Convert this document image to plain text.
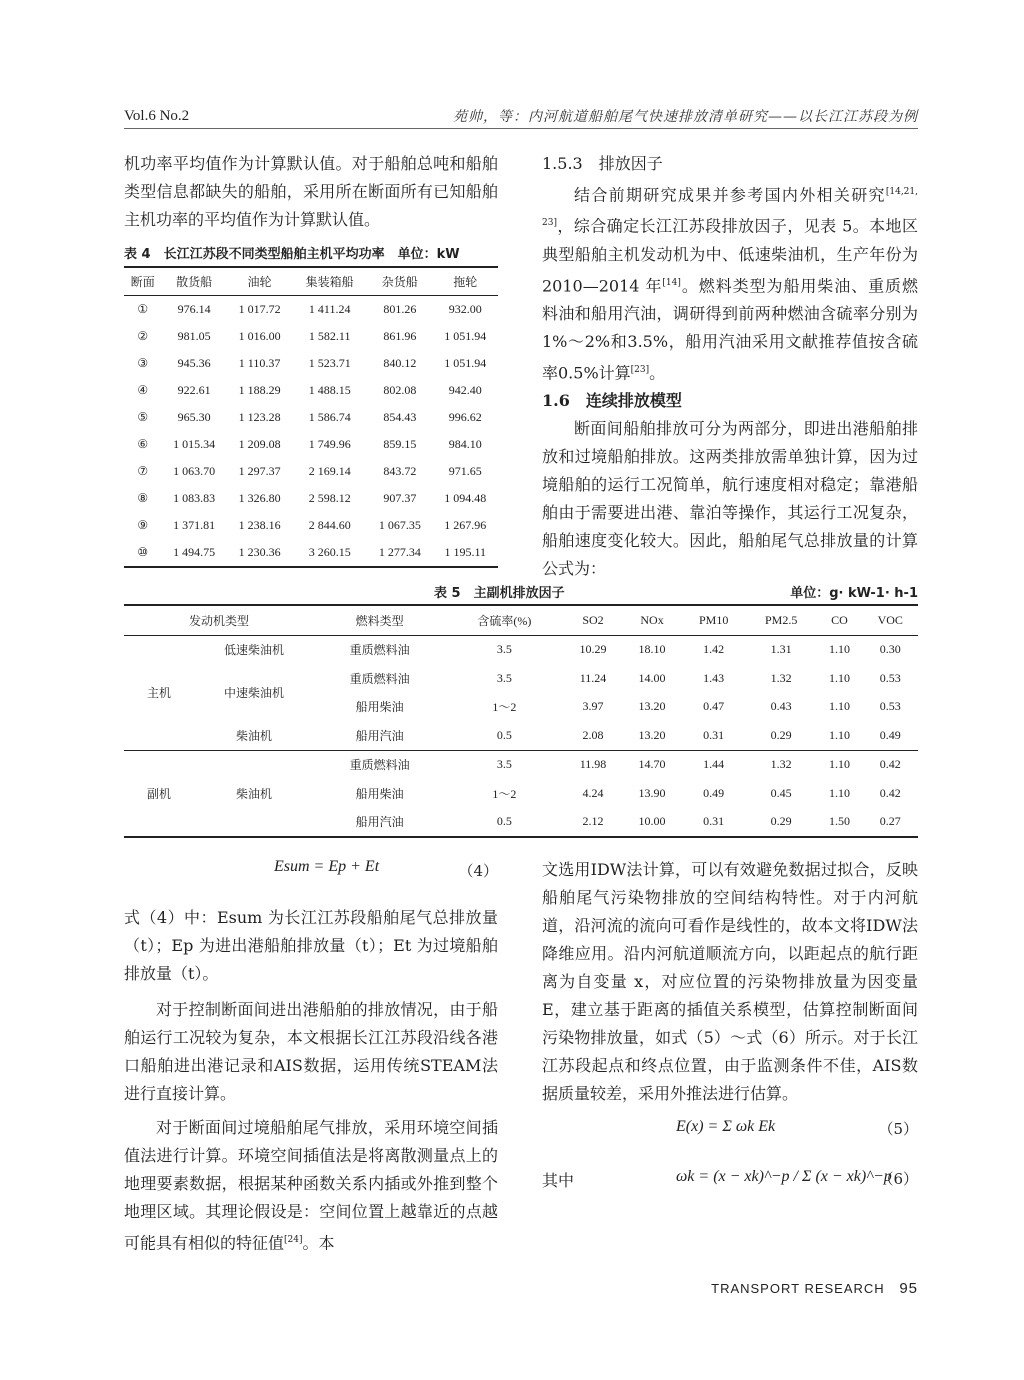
Vol.6 No.2	苑帅，等：内河航道船舶尾气快速排放清单研究——以长江江苏段为例

机功率平均值作为计算默认值。对于船舶总吨和船舶类型信息都缺失的船舶，采用所在断面所有已知船舶主机功率的平均值作为计算默认值。

表 4　长江江苏段不同类型船舶主机平均功率　单位：kW
断面	散货船	油轮	集装箱船	杂货船	拖轮
①	976.14	1 017.72	1 411.24	801.26	932.00
②	981.05	1 016.00	1 582.11	861.96	1 051.94
③	945.36	1 110.37	1 523.71	840.12	1 051.94
④	922.61	1 188.29	1 488.15	802.08	942.40
⑤	965.30	1 123.28	1 586.74	854.43	996.62
⑥	1 015.34	1 209.08	1 749.96	859.15	984.10
⑦	1 063.70	1 297.37	2 169.14	843.72	971.65
⑧	1 083.83	1 326.80	2 598.12	907.37	1 094.48
⑨	1 371.81	1 238.16	2 844.60	1 067.35	1 267.96
⑩	1 494.75	1 230.36	3 260.15	1 277.34	1 195.11

1.5.3　排放因子

结合前期研究成果并参考国内外相关研究[14,21, 23]，综合确定长江江苏段排放因子，见表 5。本地区典型船舶主机发动机为中、低速柴油机，生产年份为2010—2014 年[14]。燃料类型为船用柴油、重质燃料油和船用汽油，调研得到前两种燃油含硫率分别为1%～2%和3.5%，船用汽油采用文献推荐值按含硫率0.5%计算[23]。

1.6　连续排放模型

断面间船舶排放可分为两部分，即进出港船舶排放和过境船舶排放。这两类排放需单独计算，因为过境船舶的运行工况简单，航行速度相对稳定；靠港船舶由于需要进出港、靠泊等操作，其运行工况复杂，船舶速度变化较大。因此，船舶尾气总排放量的计算公式为：

表 5　主副机排放因子	单位：g· kW-1· h-1
发动机类型		燃料类型	含硫率(%)	SO2	NOx	PM10	PM2.5	CO	VOC
主机	低速柴油机	重质燃料油	3.5	10.29	18.10	1.42	1.31	1.10	0.30
	中速柴油机	重质燃料油	3.5	11.24	14.00	1.43	1.32	1.10	0.53
		船用柴油	1～2	3.97	13.20	0.47	0.43	1.10	0.53
	柴油机	船用汽油	0.5	2.08	13.20	0.31	0.29	1.10	0.49
副机	柴油机	重质燃料油	3.5	11.98	14.70	1.44	1.32	1.10	0.42
		船用柴油	1～2	4.24	13.90	0.49	0.45	1.10	0.42
		船用汽油	0.5	2.12	10.00	0.31	0.29	1.50	0.27
Esum = Ep + Et	（4）

式（4）中：Esum 为长江江苏段船舶尾气总排放量（t）；Ep 为进出港船舶排放量（t）；Et 为过境船舶排放量（t）。

对于控制断面间进出港船舶的排放情况，由于船舶运行工况较为复杂，本文根据长江江苏段沿线各港口船舶进出港记录和AIS数据，运用传统STEAM法进行直接计算。

对于断面间过境船舶尾气排放，采用环境空间插值法进行计算。环境空间插值法是将离散测量点上的地理要素数据，根据某种函数关系内插或外推到整个地理区域。其理论假设是：空间位置上越靠近的点越可能具有相似的特征值[24]。本

文选用IDW法计算，可以有效避免数据过拟合，反映船舶尾气污染物排放的空间结构特性。对于内河航道，沿河流的流向可看作是线性的，故本文将IDW法降维应用。沿内河航道顺流方向，以距起点的航行距离为自变量 x，对应位置的污染物排放量为因变量 E，建立基于距离的插值关系模型，估算控制断面间污染物排放量，如式（5）～式（6）所示。对于长江江苏段起点和终点位置，由于监测条件不佳，AIS数据质量较差，采用外推法进行估算。

E(x) = Σ ωk Ek	（5）
其中	ωk = (x − xk)^−p / Σ (x − xk)^−p
（6）
TRANSPORT RESEARCH 95
